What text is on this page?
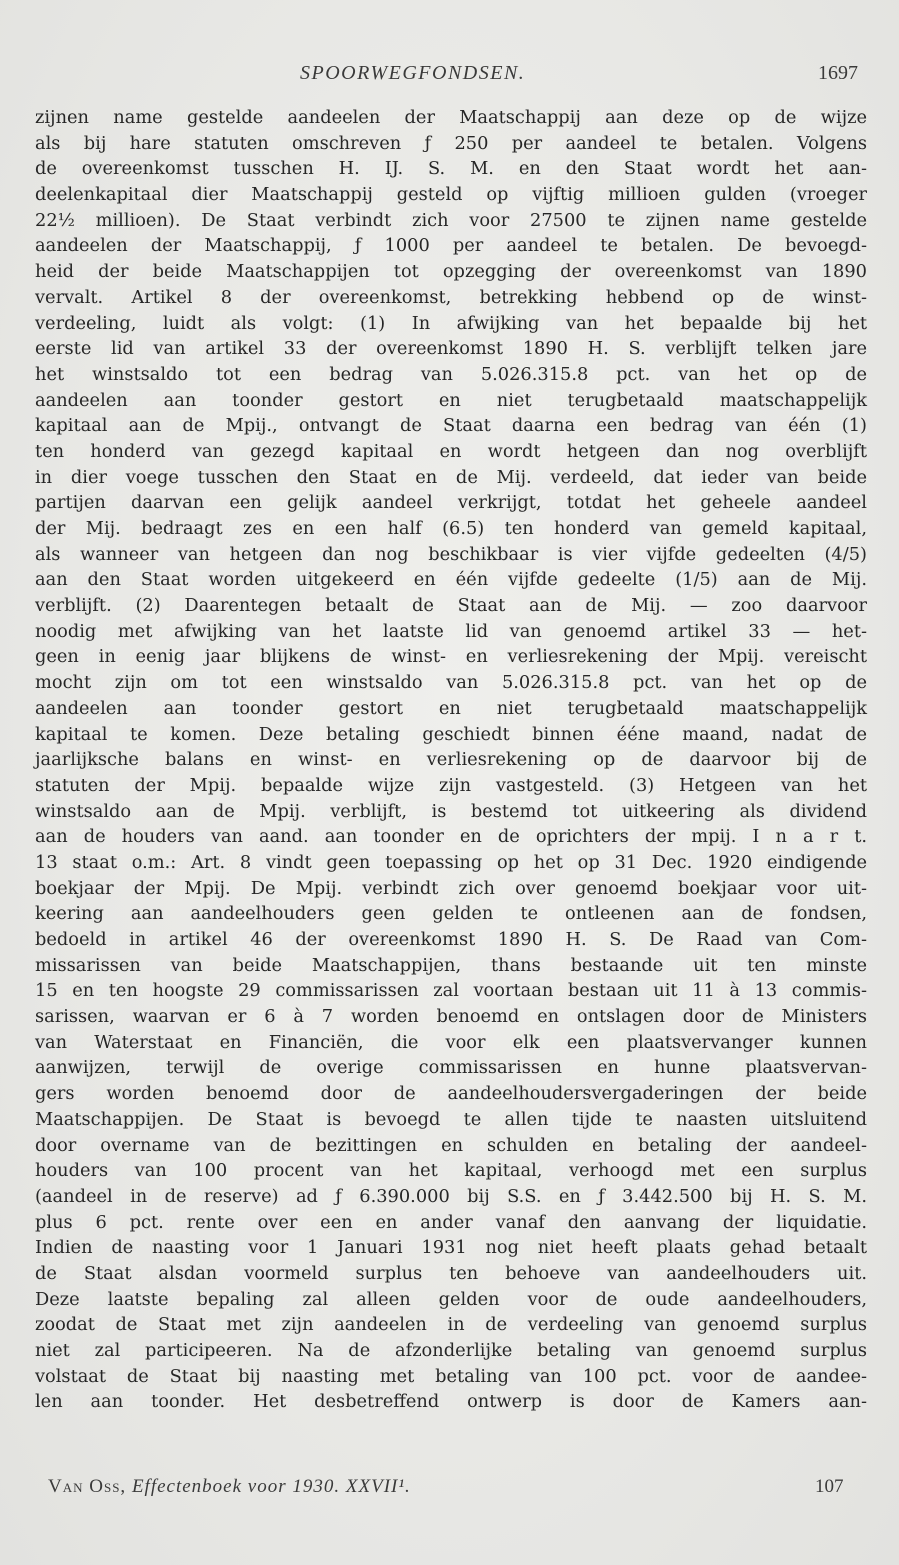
SPOORWEGFONDSEN.	1697
zijnen name gestelde aandeelen der Maatschappij aan deze op de wijze
als bij hare statuten omschreven ƒ 250 per aandeel te betalen. Volgens
de overeenkomst tusschen H. IJ. S. M. en den Staat wordt het aan-
deelenkapitaal dier Maatschappij gesteld op vijftig millioen gulden (vroeger
22½ millioen). De Staat verbindt zich voor 27500 te zijnen name gestelde
aandeelen der Maatschappij, ƒ 1000 per aandeel te betalen. De bevoegd-
heid der beide Maatschappijen tot opzegging der overeenkomst van 1890
vervalt. Artikel 8 der overeenkomst, betrekking hebbend op de winst-
verdeeling, luidt als volgt: (1) In afwijking van het bepaalde bij het
eerste lid van artikel 33 der overeenkomst 1890 H. S. verblijft telken jare
het winstsaldo tot een bedrag van 5.026.315.8 pct. van het op de
aandeelen aan toonder gestort en niet terugbetaald maatschappelijk
kapitaal aan de Mpij., ontvangt de Staat daarna een bedrag van één (1)
ten honderd van gezegd kapitaal en wordt hetgeen dan nog overblijft
in dier voege tusschen den Staat en de Mij. verdeeld, dat ieder van beide
partijen daarvan een gelijk aandeel verkrijgt, totdat het geheele aandeel
der Mij. bedraagt zes en een half (6.5) ten honderd van gemeld kapitaal,
als wanneer van hetgeen dan nog beschikbaar is vier vijfde gedeelten (4/5)
aan den Staat worden uitgekeerd en één vijfde gedeelte (1/5) aan de Mij.
verblijft. (2) Daarentegen betaalt de Staat aan de Mij. — zoo daarvoor
noodig met afwijking van het laatste lid van genoemd artikel 33 — het-
geen in eenig jaar blijkens de winst- en verliesrekening der Mpij. vereischt
mocht zijn om tot een winstsaldo van 5.026.315.8 pct. van het op de
aandeelen aan toonder gestort en niet terugbetaald maatschappelijk
kapitaal te komen. Deze betaling geschiedt binnen éénе maand, nadat de
jaarlijksche balans en winst- en verliesrekening op de daarvoor bij de
statuten der Mpij. bepaalde wijze zijn vastgesteld. (3) Hetgeen van het
winstsaldo aan de Mpij. verblijft, is bestemd tot uitkeering als dividend
aan de houders van aand. aan toonder en de oprichters der mpij. I n a r t.
13 staat o.m.: Art. 8 vindt geen toepassing op het op 31 Dec. 1920 eindigende
boekjaar der Mpij. De Mpij. verbindt zich over genoemd boekjaar voor uit-
keering aan aandeelhouders geen gelden te ontleenen aan de fondsen,
bedoeld in artikel 46 der overeenkomst 1890 H. S. De Raad van Com-
missarissen van beide Maatschappijen, thans bestaande uit ten minste
15 en ten hoogste 29 commissarissen zal voortaan bestaan uit 11 à 13 commis-
sarissen, waarvan er 6 à 7 worden benoemd en ontslagen door de Ministers
van Waterstaat en Financiën, die voor elk een plaatsvervanger kunnen
aanwijzen, terwijl de overige commissarissen en hunne plaatsvervan-
gers worden benoemd door de aandeelhoudersvergaderingen der beide
Maatschappijen. De Staat is bevoegd te allen tijde te naasten uitsluitend
door overname van de bezittingen en schulden en betaling der aandeel-
houders van 100 procent van het kapitaal, verhoogd met een surplus
(aandeel in de reserve) ad ƒ 6.390.000 bij S.S. en ƒ 3.442.500 bij H. S. M.
plus 6 pct. rente over een en ander vanaf den aanvang der liquidatie.
Indien de naasting voor 1 Januari 1931 nog niet heeft plaats gehad betaalt
de Staat alsdan voormeld surplus ten behoeve van aandeelhouders uit.
Deze laatste bepaling zal alleen gelden voor de oude aandeelhouders,
zoodat de Staat met zijn aandeelen in de verdeeling van genoemd surplus
niet zal participeeren. Na de afzonderlijke betaling van genoemd surplus
volstaat de Staat bij naasting met betaling van 100 pct. voor de aandee-
len aan toonder. Het desbetreffend ontwerp is door de Kamers aan-
Van Oss, Effectenboek voor 1930. XXVII¹.	107
